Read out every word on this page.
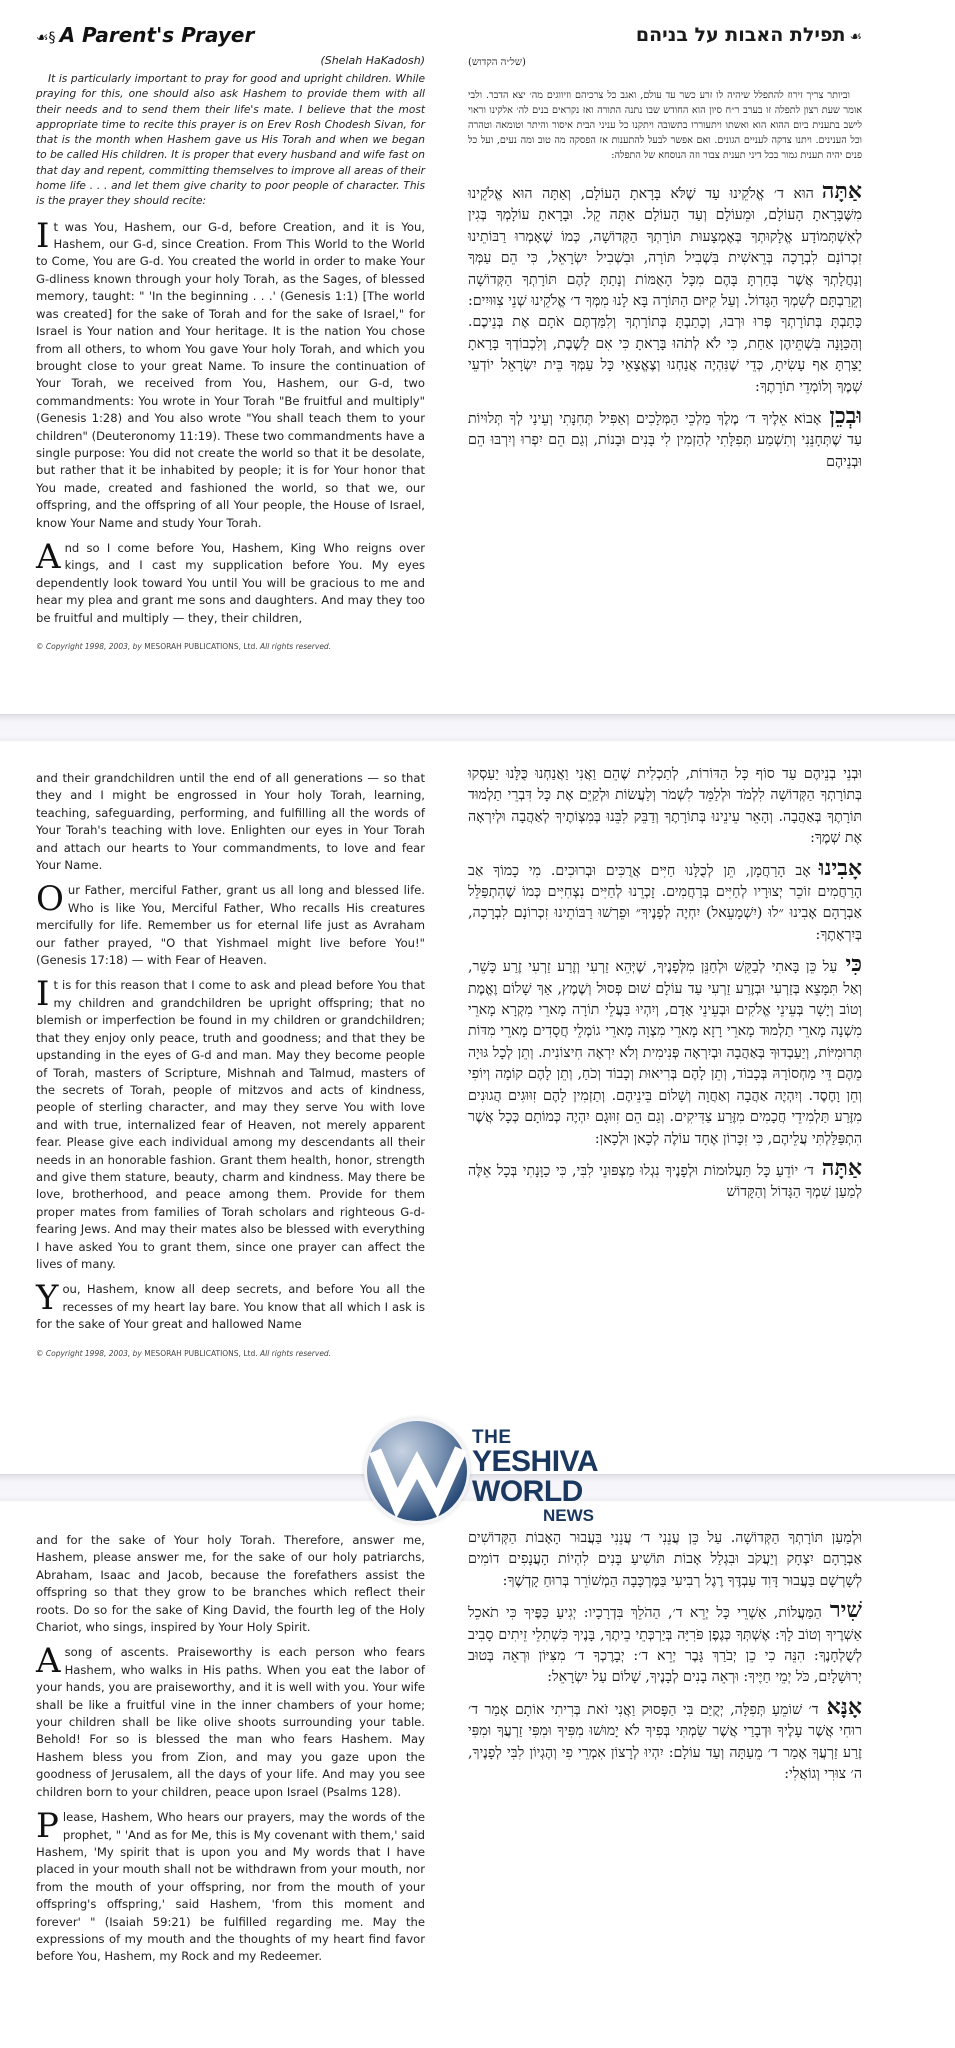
☙§ A Parent's Prayer
(Shelah HaKadosh)

It is particularly important to pray for good and upright children. While praying for this, one should also ask Hashem to provide them with all their needs and to send them their life's mate. I believe that the most appropriate time to recite this prayer is on Erev Rosh Chodesh Sivan, for that is the month when Hashem gave us His Torah and when we began to be called His children. It is proper that every husband and wife fast on that day and repent, committing themselves to improve all areas of their home life . . . and let them give charity to poor people of character. This is the prayer they should recite:

It was You, Hashem, our G-d, before Creation, and it is You, Hashem, our G-d, since Creation. From This World to the World to Come, You are G-d. You created the world in order to make Your G-dliness known through your holy Torah, as the Sages, of blessed memory, taught: " 'In the beginning . . .' (Genesis 1:1) [The world was created] for the sake of Torah and for the sake of Israel," for Israel is Your nation and Your heritage. It is the nation You chose from all others, to whom You gave Your holy Torah, and which you brought close to your great Name. To insure the continuation of Your Torah, we received from You, Hashem, our G-d, two commandments: You wrote in Your Torah "Be fruitful and multiply" (Genesis 1:28) and You also wrote "You shall teach them to your children" (Deuteronomy 11:19). These two commandments have a single purpose: You did not create the world so that it be desolate, but rather that it be inhabited by people; it is for Your honor that You made, created and fashioned the world, so that we, our offspring, and the offspring of all Your people, the House of Israel, know Your Name and study Your Torah.

And so I come before You, Hashem, King Who reigns over kings, and I cast my supplication before You. My eyes dependently look toward You until You will be gracious to me and hear my plea and grant me sons and daughters. And may they too be fruitful and multiply — they, their children,

© Copyright 1998, 2003, by MESORAH PUBLICATIONS, Ltd. All rights reserved.

☙תפילת האבות על בניהם
(של״ה הקדוש)

וביותר צריך זירוז להתפלל שיהיה לו זרע כשר עד עולם, ואגב כל צרכיהם וזיווגים מה׳ יצא הדבר. ולבי אומר שעת רצון לתפלה זו בערב ר״ח סיון הוא החודש שבו נתנה התורה ואז נקראים בנים לה׳ אלקינו וראוי לישב בתענית ביום ההוא הוא ואשתו ויתעוררו בתשובה ויתקנו כל עניני הבית איסור והיתר וטומאה וטהרה וכל הענינים. ויתנו צדקה לעניים הגונים. ואם אפשר לבעל להתענות אז הפסקה מה טוב ומה נעים, ועל כל פנים יהיה תענית גמור בכל דיני תענית צבור וזה הנוסחא של התפלה:

אַתָּההוּא ד׳ אֱלֹקֵינוּ עַד שֶׁלֹּא בָּרָאתָ הָעוֹלָם, וְאַתָּה הוּא אֱלֹקֵינוּ מִשֶּׁבָּרָאתָ הָעוֹלָם, וּמֵעוֹלָם וְעַד הָעוֹלָם אַתָּה קֵל. וּבָרָאתָ עוֹלָמְךָ בְּגִין לְאִשְׁתְּמוֹדָע אֱלָקוּתְךָ בְּאֶמְצָעוּת תּוֹרָתְךָ הַקְּדוֹשָׁה, כְּמוֹ שֶׁאָמְרוּ רַבּוֹתֵינוּ זִכְרוֹנָם לִבְרָכָה בְּרֵאשִׁית בִּשְׁבִיל תּוֹרָה, וּבִשְׁבִיל יִשְׂרָאֵל, כִּי הֵם עַמְּךָ וְנַחֲלָתְךָ אֲשֶׁר בָּחַרְתָּ בָּהֶם מִכָּל הָאֻמּוֹת וְנָתַתָּ לָהֶם תּוֹרָתְךָ הַקְּדוֹשָׁה וְקֵרַבְתָּם לְשִׁמְךָ הַגָּדוֹל. וְעַל קִיּוּם הַתּוֹרָה בָּא לָנוּ מִמְּךָ ד׳ אֱלֹקֵינוּ שְׁנֵי צִוּוּיִים: כָּתַבְתָּ בְּתוֹרָתְךָ פְּרוּ וּרְבוּ, וְכָתַבְתָּ בְּתוֹרָתְךָ וְלִמַּדְתֶּם אֹתָם אֶת בְּנֵיכֶם. וְהַכַּוָּנָה בִּשְׁתֵּיהֶן אַחַת, כִּי לֹא לְתֹהוּ בָּרָאתָ כִּי אִם לָשֶׁבֶת, וְלִכְבוֹדְךָ בָּרָאתָ יָצַרְתָּ אַף עָשִׂיתָ, כְּדֵי שֶׁנִּהְיֶה אֲנַחְנוּ וְצֶאֱצָאֵי כָּל עַמְּךָ בֵּית יִשְׂרָאֵל יוֹדְעֵי שְׁמֶךָ וְלוֹמְדֵי תוֹרָתֶךָ:

וּבְכֵןאָבוֹא אֵלֶיךָ ד׳ מֶלֶךְ מַלְכֵי הַמְּלָכִים וְאַפִּיל תְּחִנָּתִי וְעֵינַי לְךָ תְּלוּיוֹת עַד שֶׁתְּחָנֵּנִי וְתִשְׁמַע תְּפִלָּתִי לְהַזְמִין לִי בָּנִים וּבָנוֹת, וְגַם הֵם יִפְרוּ וְיִרְבּוּ הֵם וּבְנֵיהֶם

and their grandchildren until the end of all generations — so that they and I might be engrossed in Your holy Torah, learning, teaching, safeguarding, performing, and fulfilling all the words of Your Torah's teaching with love. Enlighten our eyes in Your Torah and attach our hearts to Your commandments, to love and fear Your Name.

Our Father, merciful Father, grant us all long and blessed life. Who is like You, Merciful Father, Who recalls His creatures mercifully for life. Remember us for eternal life just as Avraham our father prayed, "O that Yishmael might live before You!" (Genesis 17:18) — with Fear of Heaven.

It is for this reason that I come to ask and plead before You that my children and grandchildren be upright offspring; that no blemish or imperfection be found in my children or grandchildren; that they enjoy only peace, truth and goodness; and that they be upstanding in the eyes of G-d and man. May they become people of Torah, masters of Scripture, Mishnah and Talmud, masters of the secrets of Torah, people of mitzvos and acts of kindness, people of sterling character, and may they serve You with love and with true, internalized fear of Heaven, not merely apparent fear. Please give each individual among my descendants all their needs in an honorable fashion. Grant them health, honor, strength and give them stature, beauty, charm and kindness. May there be love, brotherhood, and peace among them. Provide for them proper mates from families of Torah scholars and righteous G-d-fearing Jews. And may their mates also be blessed with everything I have asked You to grant them, since one prayer can affect the lives of many.

You, Hashem, know all deep secrets, and before You all the recesses of my heart lay bare. You know that all which I ask is for the sake of Your great and hallowed Name

© Copyright 1998, 2003, by MESORAH PUBLICATIONS, Ltd. All rights reserved.

וּבְנֵי בְנֵיהֶם עַד סוֹף כָּל הַדּוֹרוֹת, לְתַכְלִית שֶׁהֵם וַאֲנִי וַאֲנַחְנוּ כֻּלָּנוּ יַעַסְקוּ בְּתוֹרָתְךָ הַקְּדוֹשָׁה לִלְמֹד וּלְלַמֵּד לִשְׁמֹר וְלַעֲשׂוֹת וּלְקַיֵּם אֶת כָּל דִּבְרֵי תַלְמוּד תּוֹרָתֶךָ בְּאַהֲבָה. וְהָאֵר עֵינֵינוּ בְּתוֹרָתֶךָ וְדַבֵּק לִבֵּנוּ בְּמִצְוֹתֶיךָ לְאַהֲבָה וּלְיִרְאָה אֶת שְׁמֶךָ:

אָבִינוּאָב הָרַחֲמָן, תֵּן לְכֻלָּנוּ חַיִּים אֲרֻכִּים וּבְרוּכִים. מִי כָמוֹךָ אַב הָרַחֲמִים זוֹכֵר יְצוּרָיו לְחַיִּים בְּרַחֲמִים. זָכְרֵנוּ לְחַיִּים נִצְחִיִּים כְּמוֹ שֶׁהִתְפַּלֵּל אַבְרָהָם אָבִינוּ ״לוּ (יִשְׁמָעֵאל) יִחְיֶה לְפָנֶיךָ״ וּפֵרְשׁוּ רַבּוֹתֵינוּ זִכְרוֹנָם לִבְרָכָה, בְּיִרְאָתֶךָ:

כִּיעַל כֵּן בָּאתִי לְבַקֵּשׁ וּלְחַנֵּן מִלְּפָנֶיךָ, שֶׁיְּהֵא זַרְעִי וְזֶרַע זַרְעִי זֶרַע כָּשֵׁר, וְאַל תִּמָּצֵא בְּזַרְעִי וּבְזֶרַע זַרְעִי עַד עוֹלָם שׁוּם פְּסוּל וְשֶׁמֶץ, אַךְ שָׁלוֹם וֶאֱמֶת וְטוֹב וְיָשָׁר בְּעֵינֵי אֱלֹקִים וּבְעֵינֵי אָדָם, וְיִהְיוּ בַּעֲלֵי תוֹרָה מָארֵי מִקְרָא מָארֵי מִשְׁנָה מָארֵי תַלְמוּד מָארֵי רָזָא מָארֵי מִצְוָה מָארֵי גוֹמְלֵי חֲסָדִים מָארֵי מִדּוֹת תְּרוּמִיּוֹת, וְיַעַבְדוּךָ בְּאַהֲבָה וּבְיִרְאָה פְּנִימִית וְלֹא יִרְאָה חִיצוֹנִית. וְתֵן לְכָל גּוּיָה מֵהֶם דֵּי מַחְסוֹרָהּ בְּכָבוֹד, וְתֵן לָהֶם בְּרִיאוּת וְכָבוֹד וְכֹחַ, וְתֵן לָהֶם קוֹמָה וְיוֹפִי וְחֵן וָחֶסֶד. וְיִהְיֶה אַהֲבָה וְאַחֲוָה וְשָׁלוֹם בֵּינֵיהֶם. וְתַזְמִין לָהֶם זִוּוּגִים הֲגוּנִים מִזֶּרַע תַּלְמִידֵי חֲכָמִים מִזֶּרַע צַדִּיקִים. וְגַם הֵם זִוּוּגָם יִהְיֶה כְּמוֹתָם כְּכָל אֲשֶׁר הִתְפַּלַּלְתִּי עֲלֵיהֶם, כִּי זִכָּרוֹן אֶחָד עוֹלֶה לְכָאן וּלְכָאן:

אַתָּהד׳ יוֹדֵעַ כָּל תַּעֲלוּמוֹת וּלְפָנֶיךָ נִגְלוּ מַצְפּוּנֵי לִבִּי, כִּי כַוָּנָתִי בְּכָל אֵלֶּה לְמַעַן שִׁמְךָ הַגָּדוֹל וְהַקָּדוֹשׁ

and for the sake of Your holy Torah. Therefore, answer me, Hashem, please answer me, for the sake of our holy patriarchs, Abraham, Isaac and Jacob, because the forefathers assist the offspring so that they grow to be branches which reflect their roots. Do so for the sake of King David, the fourth leg of the Holy Chariot, who sings, inspired by Your Holy Spirit.

A song of ascents. Praiseworthy is each person who fears Hashem, who walks in His paths. When you eat the labor of your hands, you are praiseworthy, and it is well with you. Your wife shall be like a fruitful vine in the inner chambers of your home; your children shall be like olive shoots surrounding your table. Behold! For so is blessed the man who fears Hashem. May Hashem bless you from Zion, and may you gaze upon the goodness of Jerusalem, all the days of your life. And may you see children born to your children, peace upon Israel (Psalms 128).

Please, Hashem, Who hears our prayers, may the words of the prophet, " 'And as for Me, this is My covenant with them,' said Hashem, 'My spirit that is upon you and My words that I have placed in your mouth shall not be withdrawn from your mouth, nor from the mouth of your offspring, nor from the mouth of your offspring's offspring,' said Hashem, 'from this moment and forever' " (Isaiah 59:21) be fulfilled regarding me. May the expressions of my mouth and the thoughts of my heart find favor before You, Hashem, my Rock and my Redeemer.

וּלְמַעַן תּוֹרָתְךָ הַקְּדוֹשָׁה. עַל כֵּן עֲנֵנִי ד׳ עֲנֵנִי בַּעֲבוּר הָאָבוֹת הַקְּדוֹשִׁים אַבְרָהָם יִצְחָק וְיַעֲקֹב וּבִגְלַל אָבוֹת תּוֹשִׁיעַ בָּנִים לִהְיוֹת הָעֲנָפִים דוֹמִים לְשָׁרְשָׁם בַּעֲבוּר דָּוִד עַבְדֶּךָ רֶגֶל רְבִיעִי בַּמֶּרְכָּבָה הַמְשׁוֹרֵר בְּרוּחַ קָדְשֶׁךָ:

שִׁירהַמַּעֲלוֹת, אַשְׁרֵי כָּל יְרֵא ד׳, הַהֹלֵךְ בִּדְרָכָיו: יְגִיעַ כַּפֶּיךָ כִּי תֹאכֵל אַשְׁרֶיךָ וְטוֹב לָךְ: אֶשְׁתְּךָ כְּגֶפֶן פֹּרִיָּה בְּיַרְכְּתֵי בֵיתֶךָ, בָּנֶיךָ כִּשְׁתִלֵי זֵיתִים סָבִיב לְשֻׁלְחָנֶךָ: הִנֵּה כִי כֵן יְבֹרַךְ גָּבֶר יְרֵא ד׳: יְבָרֶכְךָ ד׳ מִצִּיּוֹן וּרְאֵה בְּטוּב יְרוּשָׁלָיִם, כֹּל יְמֵי חַיֶּיךָ: וּרְאֵה בָנִים לְבָנֶיךָ, שָׁלוֹם עַל יִשְׂרָאֵל:

אָנָּאד׳ שׁוֹמֵעַ תְּפִלָּה, יְקֻיַּם בִּי הַפָּסוּק וַאֲנִי זֹאת בְּרִיתִי אוֹתָם אָמַר ד׳ רוּחִי אֲשֶׁר עָלֶיךָ וּדְבָרַי אֲשֶׁר שַׂמְתִּי בְּפִיךָ לֹא יָמוּשׁוּ מִפִּיךָ וּמִפִּי זַרְעֲךָ וּמִפִּי זֶרַע זַרְעֲךָ אָמַר ד׳ מֵעַתָּה וְעַד עוֹלָם: יִהְיוּ לְרָצוֹן אִמְרֵי פִי וְהֶגְיוֹן לִבִּי לְפָנֶיךָ, ה׳ צוּרִי וְגוֹאֲלִי:

THE
YESHIVA
WORLD
NEWS
